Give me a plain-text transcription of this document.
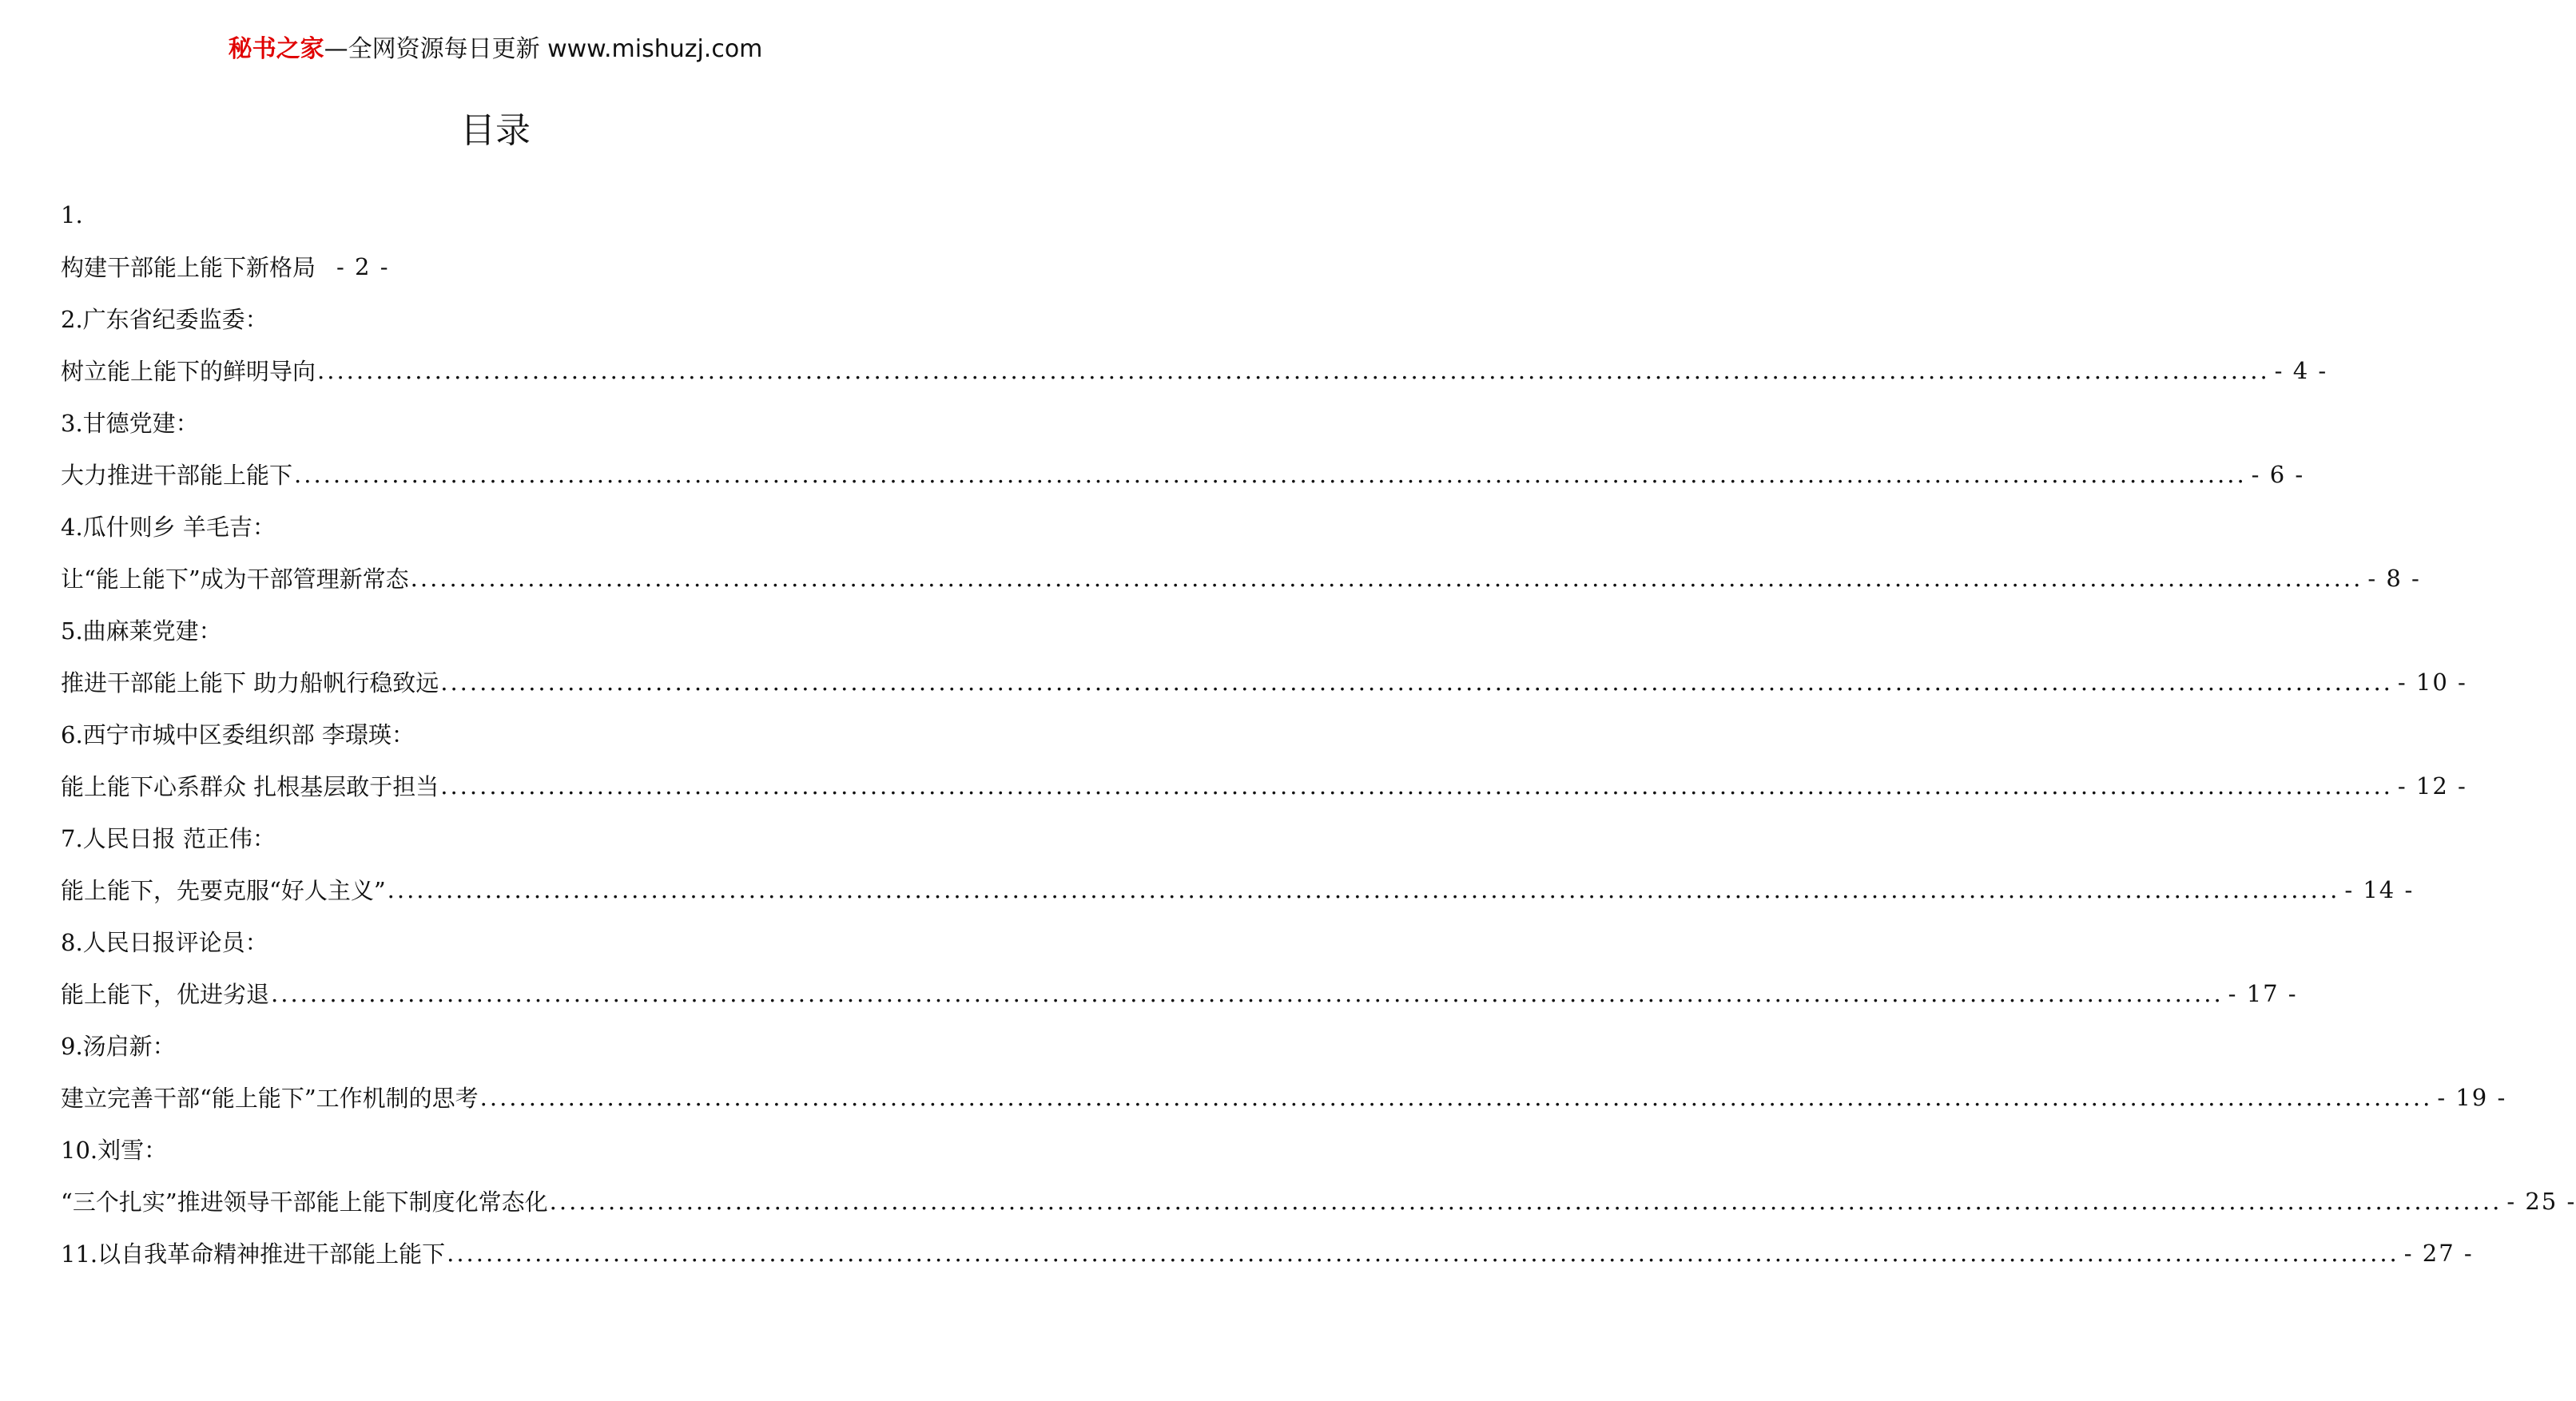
秘书之家—全网资源每日更新 www.mishuzj.com
目录
1.
构建干部能上能下新格局 - 2 -
2.广东省纪委监委：
树立能上能下的鲜明导向 ........................................................................................................................................................................................................ - 4 -
3.甘德党建：
大力推进干部能上能下 ........................................................................................................................................................................................................ - 6 -
4.瓜什则乡 羊毛吉：
让“能上能下”成为干部管理新常态 ........................................................................................................................................................................................................ - 8 -
5.曲麻莱党建：
推进干部能上能下 助力船帆行稳致远 ........................................................................................................................................................................................................ - 10 -
6.西宁市城中区委组织部 李璟瑛：
能上能下心系群众 扎根基层敢于担当 ........................................................................................................................................................................................................ - 12 -
7.人民日报 范正伟：
能上能下，先要克服“好人主义” ........................................................................................................................................................................................................ - 14 -
8.人民日报评论员：
能上能下，优进劣退 ........................................................................................................................................................................................................ - 17 -
9.汤启新：
建立完善干部“能上能下”工作机制的思考 ........................................................................................................................................................................................................ - 19 -
10.刘雪：
“三个扎实”推进领导干部能上能下制度化常态化 ........................................................................................................................................................................................................ - 25 -
11.以自我革命精神推进干部能上能下 ........................................................................................................................................................................................................ - 27 -
